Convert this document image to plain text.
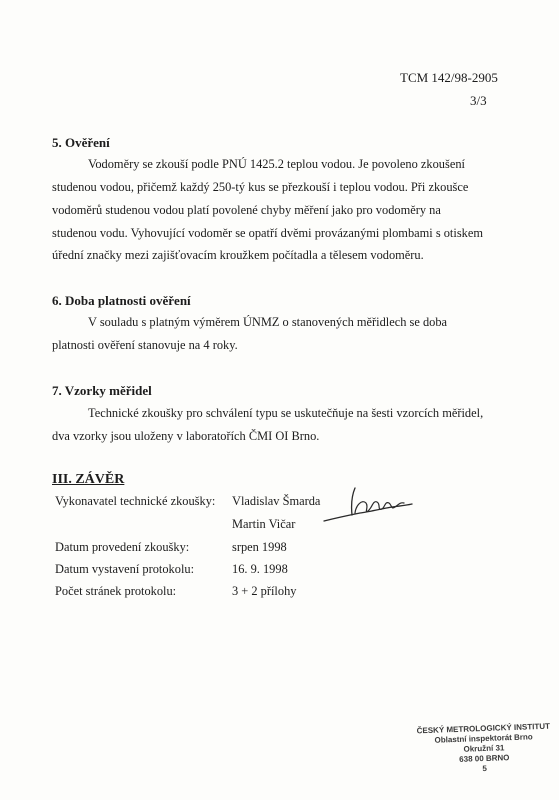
TCM 142/98-2905
3/3
5. Ověření
Vodoměry se zkouší podle PNÚ 1425.2 teplou vodou. Je povoleno zkoušení
studenou vodou, přičemž každý 250-tý kus se přezkouší i teplou vodou. Při zkoušce
vodoměrů studenou vodou platí povolené chyby měření jako pro vodoměry na
studenou vodu. Vyhovující vodoměr se opatří dvěmi provázanými plombami s otiskem
úřední značky mezi zajišťovacím kroužkem počítadla a tělesem vodoměru.
6. Doba platnosti ověření
V souladu s platným výměrem ÚNMZ o stanovených měřidlech se doba
platnosti ověření stanovuje na 4 roky.
7. Vzorky měřidel
Technické zkoušky pro schválení typu se uskutečňuje na šesti vzorcích měřidel,
dva vzorky jsou uloženy v laboratořích ČMI OI Brno.
III. ZÁVĚR
Vykonavatel technické zkoušky: Vladislav Šmarda
Martin Vičar
Datum provedení zkoušky:	srpen 1998
Datum vystavení protokolu:	16. 9. 1998
Počet stránek protokolu:	3 + 2 přílohy
ČESKÝ METROLOGICKÝ INSTITUT
Oblastní inspektorát Brno
Okružní 31
638 00 BRNO
5
